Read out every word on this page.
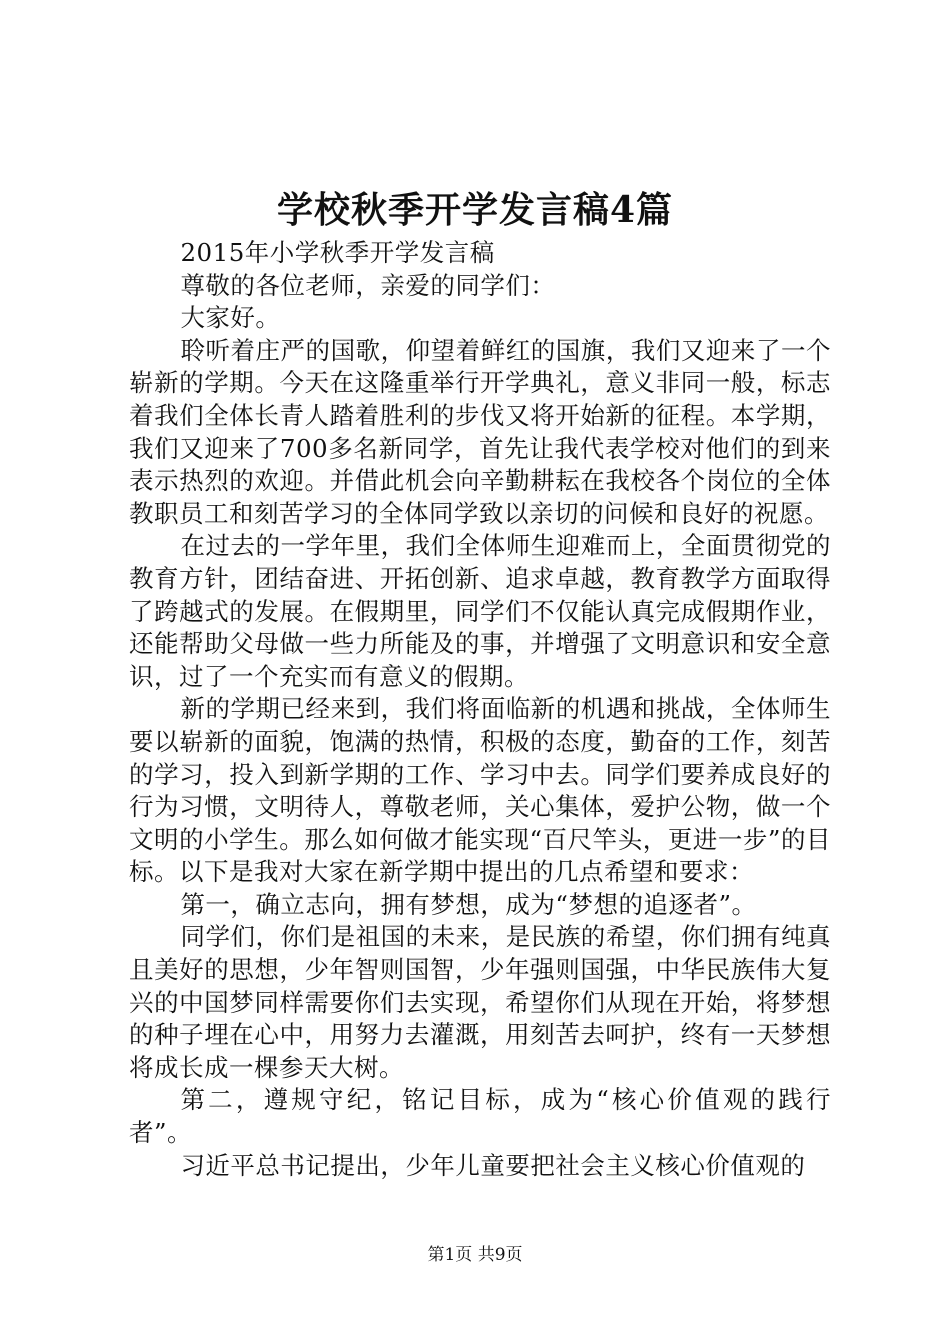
学校秋季开学发言稿4篇

2015年小学秋季开学发言稿

尊敬的各位老师，亲爱的同学们：

大家好。

聆听着庄严的国歌，仰望着鲜红的国旗，我们又迎来了一个崭新的学期。今天在这隆重举行开学典礼，意义非同一般，标志着我们全体长青人踏着胜利的步伐又将开始新的征程。本学期，我们又迎来了700多名新同学，首先让我代表学校对他们的到来表示热烈的欢迎。并借此机会向辛勤耕耘在我校各个岗位的全体教职员工和刻苦学习的全体同学致以亲切的问候和良好的祝愿。

在过去的一学年里，我们全体师生迎难而上，全面贯彻党的教育方针，团结奋进、开拓创新、追求卓越，教育教学方面取得了跨越式的发展。在假期里，同学们不仅能认真完成假期作业，还能帮助父母做一些力所能及的事，并增强了文明意识和安全意识，过了一个充实而有意义的假期。

新的学期已经来到，我们将面临新的机遇和挑战，全体师生要以崭新的面貌，饱满的热情，积极的态度，勤奋的工作，刻苦的学习，投入到新学期的工作、学习中去。同学们要养成良好的行为习惯，文明待人，尊敬老师，关心集体，爱护公物，做一个文明的小学生。那么如何做才能实现“百尺竿头，更进一步”的目标。以下是我对大家在新学期中提出的几点希望和要求：

第一，确立志向，拥有梦想，成为“梦想的追逐者”。

同学们，你们是祖国的未来，是民族的希望，你们拥有纯真且美好的思想，少年智则国智，少年强则国强，中华民族伟大复兴的中国梦同样需要你们去实现，希望你们从现在开始，将梦想的种子埋在心中，用努力去灌溉，用刻苦去呵护，终有一天梦想将成长成一棵参天大树。

第二，遵规守纪，铭记目标，成为“核心价值观的践行者”。

习近平总书记提出，少年儿童要把社会主义核心价值观的

第1页 共9页
